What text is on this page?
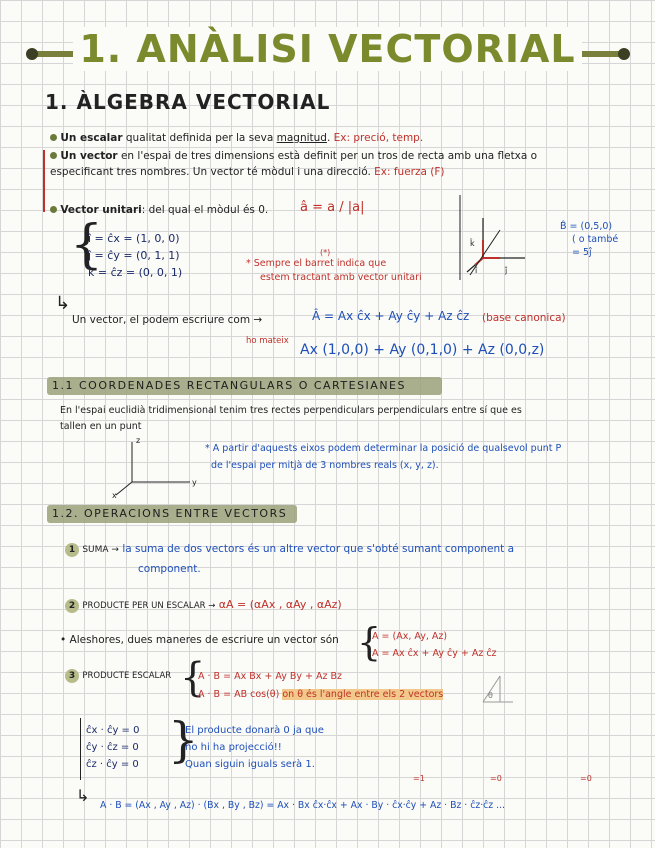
1. ANÀLISI VECTORIAL
1. ÀLGEBRA VECTORIAL
Un escalar qualitat definida per la seva magnitud. Ex: preció, temp.
Un vector en l'espai de tres dimensions està definit per un tros de recta amb una fletxa o
especificant tres nombres. Un vector té mòdul i una direcció. Ex: fuerza (F)
Vector unitari: del qual el mòdul és 0. â = a / |a|
{
î = ĉx = (1, 0, 0)
ĵ = ĉy = (0, 1, 1)
k̂ = ĉz = (0, 0, 1)
(*)
* Sempre el barret indica que
estem tractant amb vector unitari
k̂
î	ĵ
B̂ = (0,5,0)
( o també
= 5ĵ
↳
Un vector, el podem escriure com →	Â = Ax ĉx + Ay ĉy + Az ĉz (base canonica)
ho mateix
Ax (1,0,0) + Ay (0,1,0) + Az (0,0,z)
1.1 COORDENADES RECTANGULARS O CARTESIANES
En l'espai euclidià tridimensional tenim tres rectes perpendiculars perpendiculars entre sí que es
tallen en un punt
z
y
x
* A partir d'aquests eixos podem determinar la posició de qualsevol punt P
de l'espai per mitjà de 3 nombres reals (x, y, z).
1.2. OPERACIONS ENTRE VECTORS
1 SUMA → la suma de dos vectors és un altre vector que s'obté sumant component a
component.
2 PRODUCTE PER UN ESCALAR → αA = (αAx , αAy , αAz)
• Aleshores, dues maneres de escriure un vector són {
A = (Ax, Ay, Az)
A = Ax ĉx + Ay ĉy + Az ĉz
3 PRODUCTE ESCALAR {
A · B = Ax Bx + Ay By + Az Bz
A · B = AB cos(θ) on θ és l'angle entre els 2 vectors	θ
ĉx · ĉy = 0
ĉy · ĉz = 0
ĉz · ĉy = 0 }
El producte donarà 0 ja que
no hi ha projecció!!
Quan siguin iguals serà 1.
=1	=0	=0
↳
A · B = (Ax , Ay , Az) · (Bx , By , Bz) = Ax · Bx ĉx·ĉx + Ax · By · ĉx·ĉy + Az · Bz · ĉz·ĉz ...
